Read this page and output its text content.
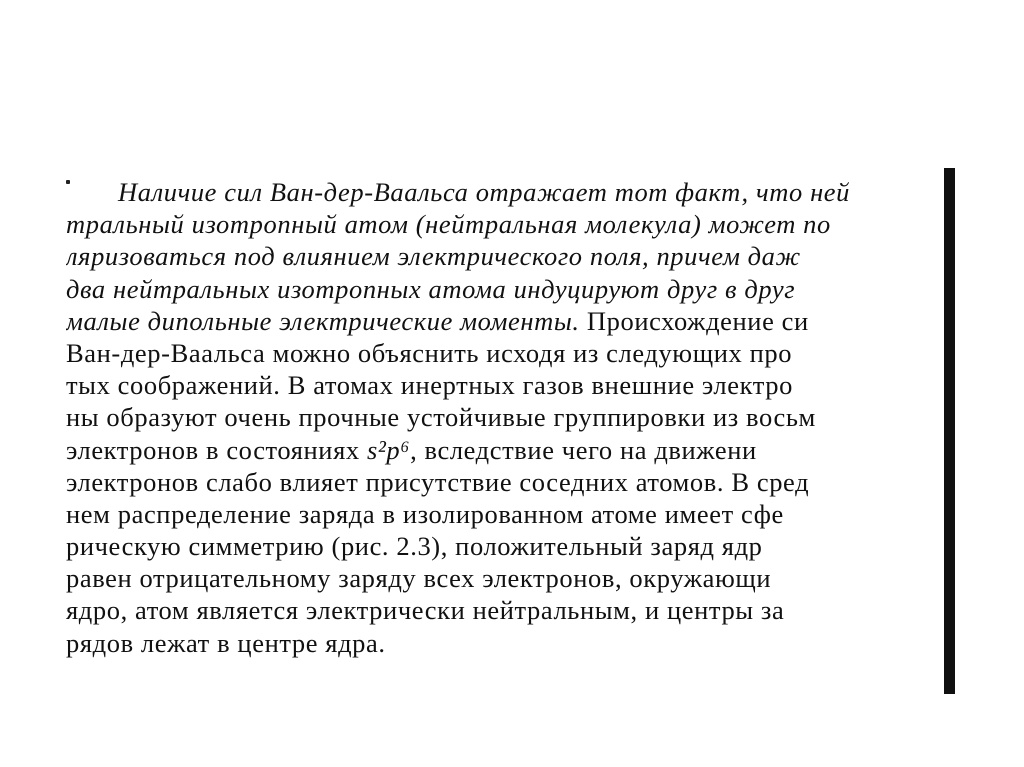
Наличие сил Ван-дер-Ваальса отражает тот факт, что ней
тральный изотропный атом (нейтральная молекула) может по
ляризоваться под влиянием электрического поля, причем даж
два нейтральных изотропных атома индуцируют друг в друг
малые дипольные электрические моменты. Происхождение си
Ван-дер-Ваальса можно объяснить исходя из следующих про
тых соображений. В атомах инертных газов внешние электро
ны образуют очень прочные устойчивые группировки из восьм
электронов в состояниях s²p⁶, вследствие чего на движени
электронов слабо влияет присутствие соседних атомов. В сред
нем распределение заряда в изолированном атоме имеет сфе
рическую симметрию (рис. 2.3), положительный заряд ядр
равен отрицательному заряду всех электронов, окружающи
ядро, атом является электрически нейтральным, и центры за
рядов лежат в центре ядра.
